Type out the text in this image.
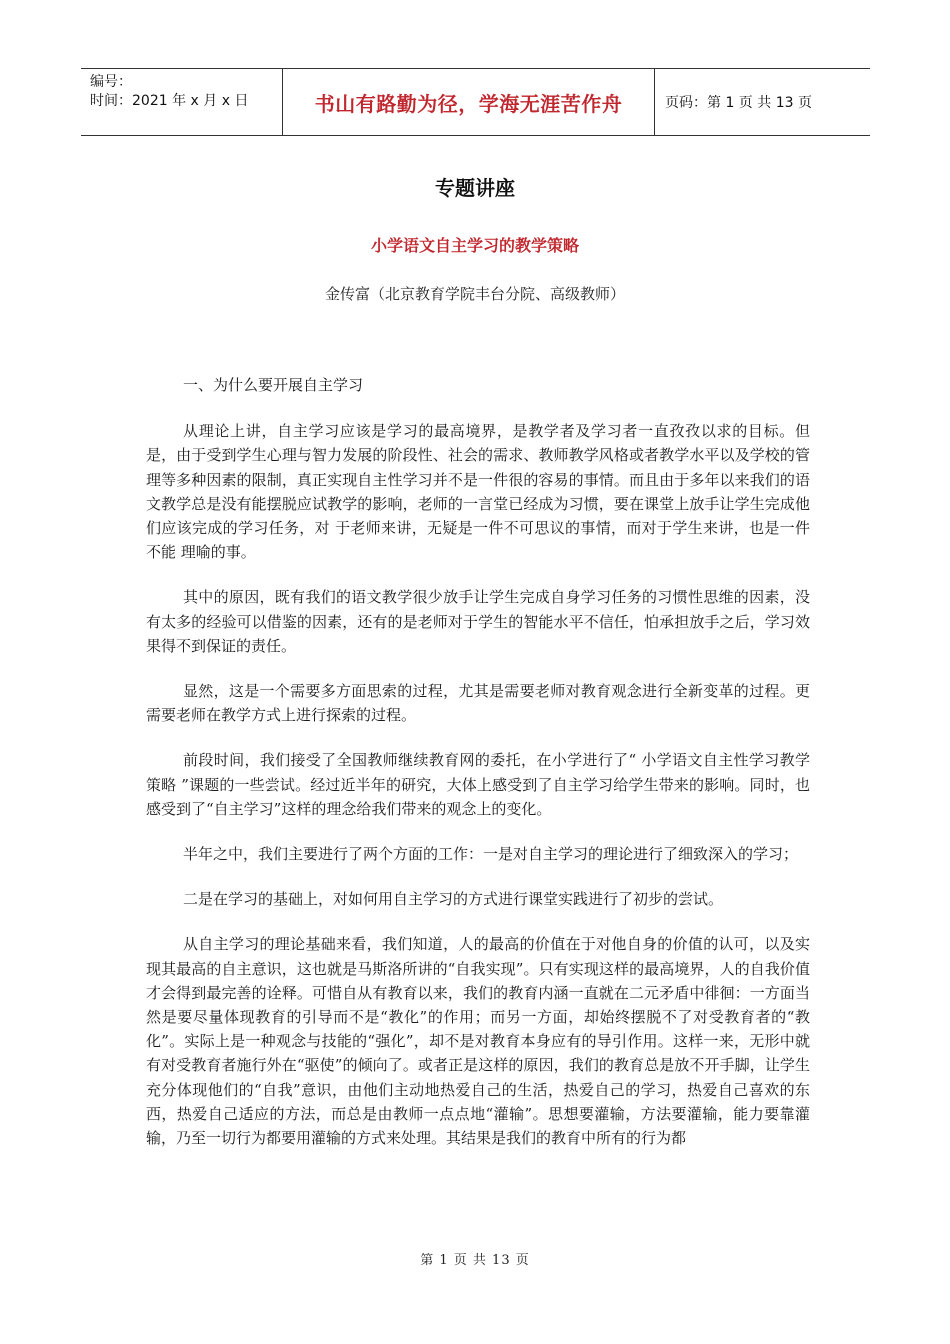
编号：
时间：2021 年 x 月 x 日	书山有路勤为径，学海无涯苦作舟	页码：第 1 页 共 13 页
专题讲座
小学语文自主学习的教学策略
金传富（北京教育学院丰台分院、高级教师）

一、为什么要开展自主学习

从理论上讲，自主学习应该是学习的最高境界，是教学者及学习者一直孜孜以求的目标。但是，由于受到学生心理与智力发展的阶段性、社会的需求、教师教学风格或者教学水平以及学校的管理等多种因素的限制，真正实现自主性学习并不是一件很的容易的事情。而且由于多年以来我们的语文教学总是没有能摆脱应试教学的影响，老师的一言堂已经成为习惯，要在课堂上放手让学生完成他们应该完成的学习任务，对 于老师来讲，无疑是一件不可思议的事情，而对于学生来讲，也是一件不能 理喻的事。

其中的原因，既有我们的语文教学很少放手让学生完成自身学习任务的习惯性思维的因素，没有太多的经验可以借鉴的因素，还有的是老师对于学生的智能水平不信任，怕承担放手之后，学习效果得不到保证的责任。

显然，这是一个需要多方面思索的过程，尤其是需要老师对教育观念进行全新变革的过程。更需要老师在教学方式上进行探索的过程。

前段时间，我们接受了全国教师继续教育网的委托，在小学进行了“ 小学语文自主性学习教学策略 ”课题的一些尝试。经过近半年的研究，大体上感受到了自主学习给学生带来的影响。同时，也感受到了“自主学习”这样的理念给我们带来的观念上的变化。

半年之中，我们主要进行了两个方面的工作：一是对自主学习的理论进行了细致深入的学习；

二是在学习的基础上，对如何用自主学习的方式进行课堂实践进行了初步的尝试。

从自主学习的理论基础来看，我们知道，人的最高的价值在于对他自身的价值的认可，以及实现其最高的自主意识，这也就是马斯洛所讲的“自我实现”。只有实现这样的最高境界，人的自我价值才会得到最完善的诠释。可惜自从有教育以来，我们的教育内涵一直就在二元矛盾中徘徊：一方面当然是要尽量体现教育的引导而不是“教化”的作用；而另一方面，却始终摆脱不了对受教育者的“教化”。实际上是一种观念与技能的“强化”，却不是对教育本身应有的导引作用。这样一来，无形中就有对受教育者施行外在“驱使”的倾向了。或者正是这样的原因，我们的教育总是放不开手脚，让学生充分体现他们的“自我”意识，由他们主动地热爱自己的生活，热爱自己的学习，热爱自己喜欢的东西，热爱自己适应的方法，而总是由教师一点点地“灌输”。思想要灌输，方法要灌输，能力要靠灌输，乃至一切行为都要用灌输的方式来处理。其结果是我们的教育中所有的行为都

第 1 页 共 13 页
